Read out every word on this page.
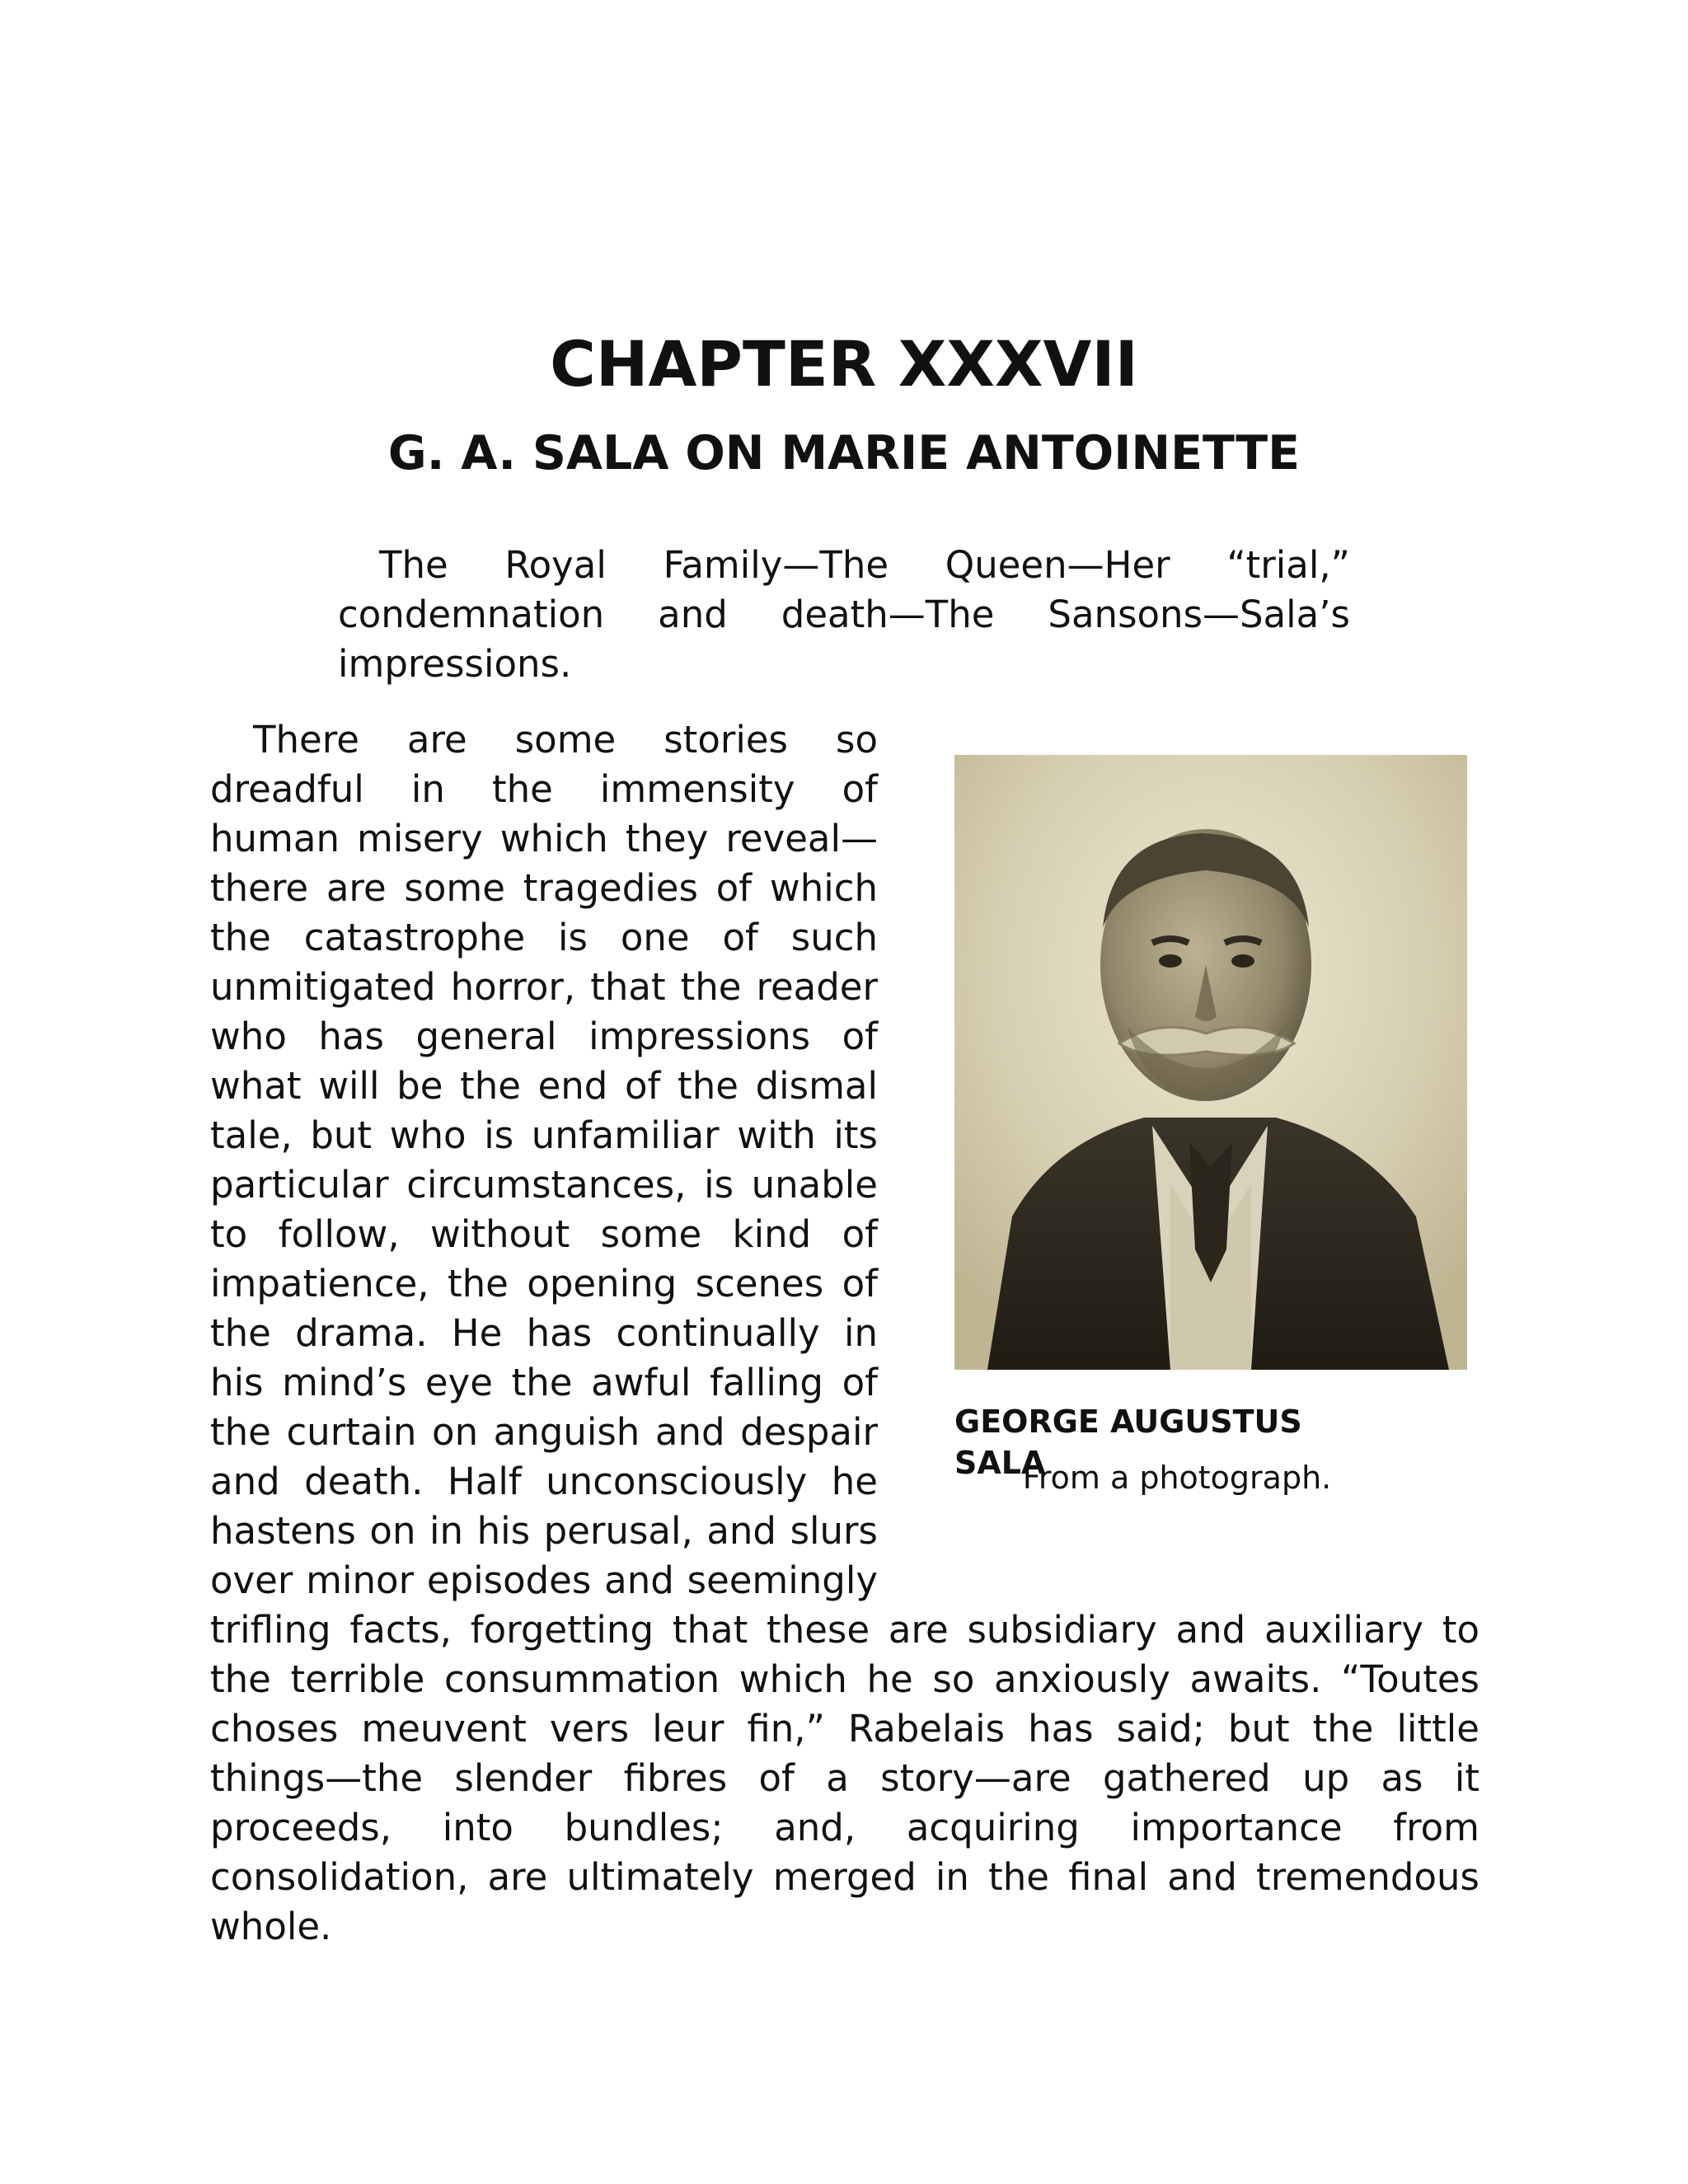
CHAPTER XXXVII
G. A. SALA ON MARIE ANTOINETTE

The Royal Family—The Queen—Her “trial,” condemnation and death—The Sansons—Sala’s impressions.

There are some stories so dreadful in the immensity of human misery which they reveal—there are some tragedies of which the catastrophe is one of such unmitigated horror, that the reader who has general impressions of what will be the end of the dismal tale, but who is unfamiliar with its particular circumstances, is unable to follow, without some kind of impatience, the opening scenes of the drama. He has continually in his mind’s eye the awful falling of the curtain on anguish and despair and death. Half unconsciously he hastens on in his perusal, and slurs over minor episodes and seemingly trifling facts, forgetting that these are subsidiary and auxiliary to the terrible consummation which he so anxiously awaits. “Toutes choses meuvent vers leur fin,” Rabelais has said; but the little things—the slender fibres of a story—are gathered up as it proceeds, into bundles; and, acquiring importance from consolidation, are ultimately merged in the final and tremendous whole.

GEORGE AUGUSTUS SALA

From a photograph.
